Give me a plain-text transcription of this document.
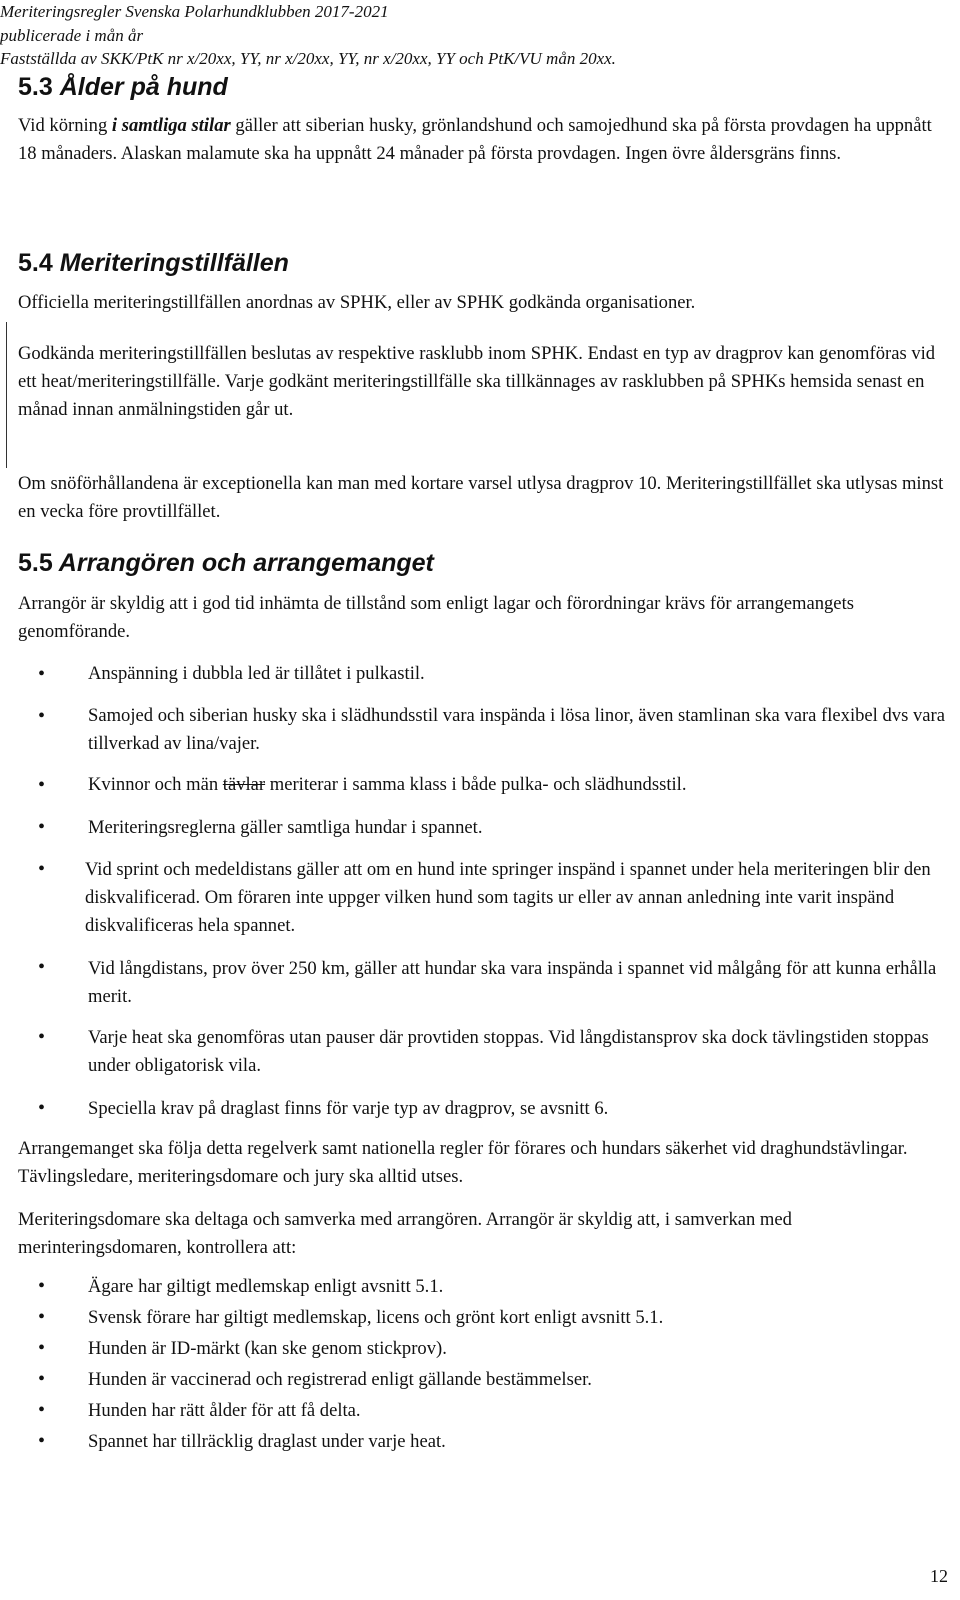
Meriteringsregler Svenska Polarhundklubben 2017-2021
publicerade i mån år
Fastställda av SKK/PtK nr x/20xx, YY, nr x/20xx, YY, nr x/20xx, YY och PtK/VU mån 20xx.
5.3 Ålder på hund
Vid körning i samtliga stilar gäller att siberian husky, grönlandshund och samojedhund ska på första provdagen ha uppnått 18 månaders. Alaskan malamute ska ha uppnått 24 månader på första provdagen. Ingen övre åldersgräns finns.
5.4 Meriteringstillfällen
Officiella meriteringstillfällen anordnas av SPHK, eller av SPHK godkända organisationer.
Godkända meriteringstillfällen beslutas av respektive rasklubb inom SPHK. Endast en typ av dragprov kan genomföras vid ett heat/meriteringstillfälle. Varje godkänt meriteringstillfälle ska tillkännages av rasklubben på SPHKs hemsida senast en månad innan anmälningstiden går ut.
Om snöförhållandena är exceptionella kan man med kortare varsel utlysa dragprov 10. Meriteringstillfället ska utlysas minst en vecka före provtillfället.
5.5 Arrangören och arrangemanget
Arrangör är skyldig att i god tid inhämta de tillstånd som enligt lagar och förordningar krävs för arrangemangets genomförande.
• Anspänning i dubbla led är tillåtet i pulkastil.
• Samojed och siberian husky ska i slädhundsstil vara inspända i lösa linor, även stamlinan ska vara flexibel dvs vara tillverkad av lina/vajer.
• Kvinnor och män tävlar meriterar i samma klass i både pulka- och slädhundsstil.
• Meriteringsreglerna gäller samtliga hundar i spannet.
• Vid sprint och medeldistans gäller att om en hund inte springer inspänd i spannet under hela meriteringen blir den diskvalificerad. Om föraren inte uppger vilken hund som tagits ur eller av annan anledning inte varit inspänd diskvalificeras hela spannet.
• Vid långdistans, prov över 250 km, gäller att hundar ska vara inspända i spannet vid målgång för att kunna erhålla merit.
• Varje heat ska genomföras utan pauser där provtiden stoppas. Vid långdistansprov ska dock tävlingstiden stoppas under obligatorisk vila.
• Speciella krav på draglast finns för varje typ av dragprov, se avsnitt 6.
Arrangemanget ska följa detta regelverk samt nationella regler för förares och hundars säkerhet vid draghundstävlingar. Tävlingsledare, meriteringsdomare och jury ska alltid utses.
Meriteringsdomare ska deltaga och samverka med arrangören. Arrangör är skyldig att, i samverkan med merinteringsdomaren, kontrollera att:
• Ägare har giltigt medlemskap enligt avsnitt 5.1.
• Svensk förare har giltigt medlemskap, licens och grönt kort enligt avsnitt 5.1.
• Hunden är ID-märkt (kan ske genom stickprov).
• Hunden är vaccinerad och registrerad enligt gällande bestämmelser.
• Hunden har rätt ålder för att få delta.
• Spannet har tillräcklig draglast under varje heat.
12
